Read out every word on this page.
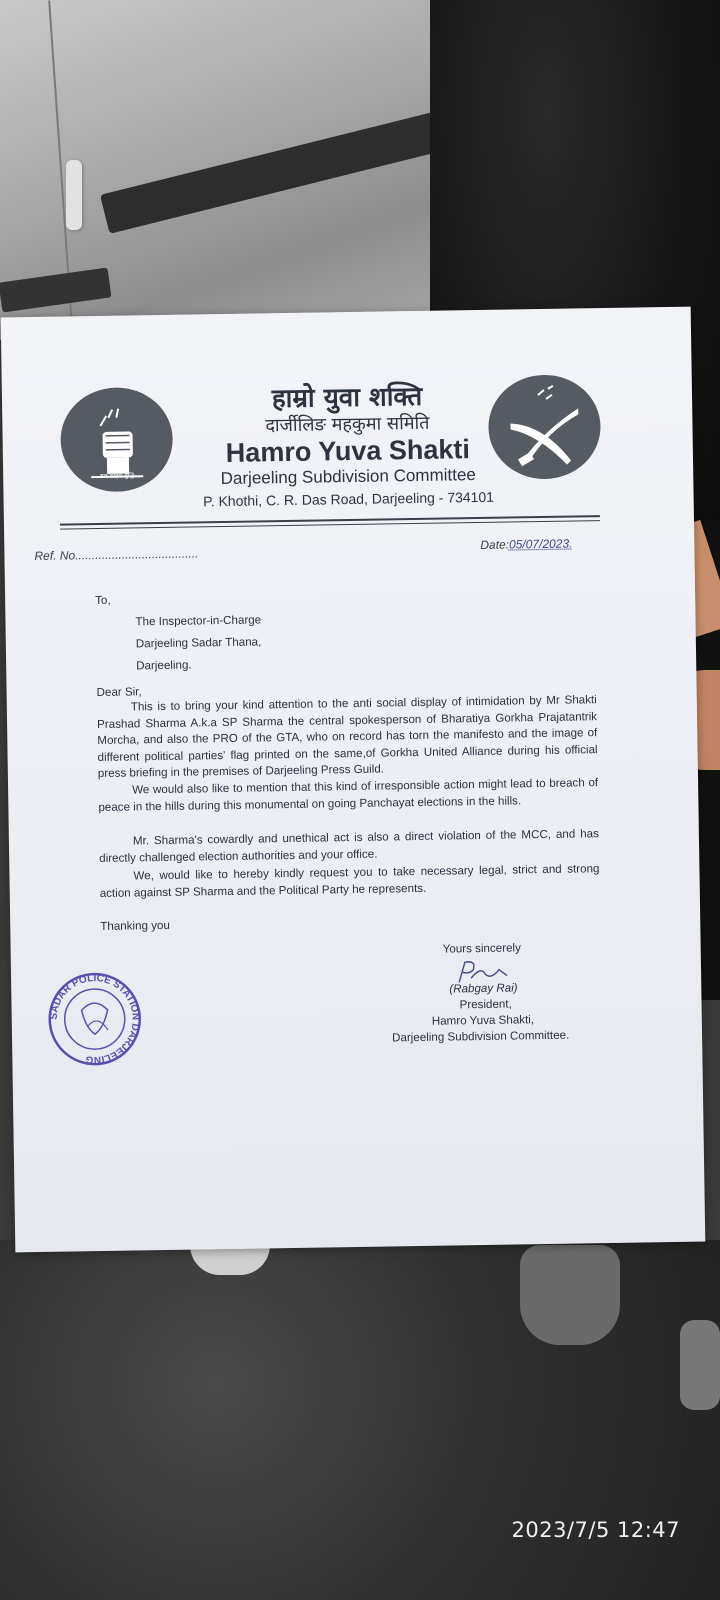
बल-साहस-बुद्धि
हाम्रो युवा शक्ति
दार्जीलिङ महकुमा समिति
Hamro Yuva Shakti
Darjeeling Subdivision Committee
P. Khothi, C. R. Das Road, Darjeeling - 734101
Ref. No.....................................
Date:05/07/2023.
To,
The Inspector-in-Charge
Darjeeling Sadar Thana,
Darjeeling.
Dear Sir,
This is to bring your kind attention to the anti social display of intimidation by Mr Shakti Prashad Sharma A.k.a SP Sharma the central spokesperson of Bharatiya Gorkha Prajatantrik Morcha, and also the PRO of the GTA, who on record has torn the manifesto and the image of different political parties' flag printed on the same,of Gorkha United Alliance during his official press briefing in the premises of Darjeeling Press Guild.
We would also like to mention that this kind of irresponsible action might lead to breach of peace in the hills during this monumental on going Panchayat elections in the hills.
Mr. Sharma's cowardly and unethical act is also a direct violation of the MCC, and has directly challenged election authorities and your office.
We, would like to hereby kindly request you to take necessary legal, strict and strong action against SP Sharma and the Political Party he represents.
Thanking you
Yours sincerely
(Rabgay Rai)
President,
Hamro Yuva Shakti,
Darjeeling Subdivision Committee.
SADAR POLICE STATION DARJEELING
2023/7/5 12:47
